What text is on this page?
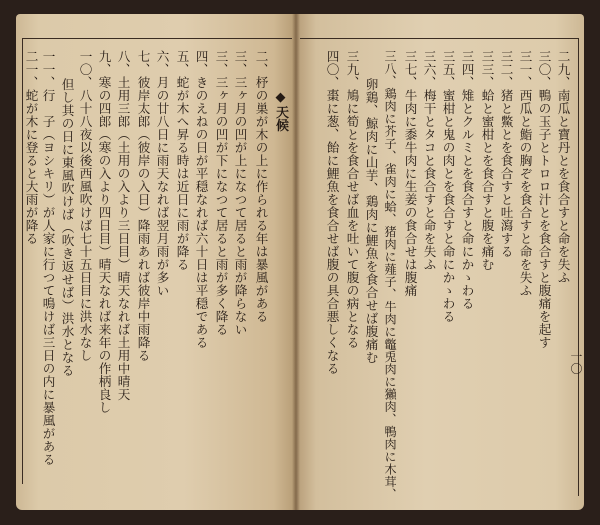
◆天候
二、杼の巣が木の上に作られる年は暴風がある
三、三ヶ月の凹が上になつて居ると雨が降らない
三、三ヶ月の凹が下になつて居ると雨が多く降る
四、きのえねの日が平穏なれば六十日は平穏である
五、蛇が木へ昇る時は近日に雨が降る
六、月の廿八日に雨天なれば翌月雨が多い
七、彼岸太郎（彼岸の入日）降雨あれば彼岸中雨降る
八、土用三郎（土用の入より三日目）晴天なれば土用中晴天
九、寒の四郎（寒の入より四日目）晴天なれば来年の作柄良し
一〇、八十八夜以後西風吹けば七十五日目に洪水なし
但し其の日に東風吹けば（吹き返せば）洪水となる
一一、行　子（ヨシキリ）が人家に行つて鳴けば三日の内に暴風がある
二一、蛇が木に登ると大雨が降る	二九、南瓜と寶丹とを食合すと命を失ふ
三〇、鴨の玉子とトロロ汁とを食合すと腹痛を起す
三一、西瓜と鮨の胸ぞを食合すと命を失ふ
三二、猪と鱉とを食合すと吐瀉する
三三、蛤と蜜柑とを食合すと腹を痛む
三四、雉とクルミとを食合すと命にかゝわる
三五、蜜柑と鬼の肉とを食合すと命にかゝわる
三六、梅干とタコと食合すと命を失ふ
三七、牛肉に黍牛肉に生姜の食合せは腹痛
三八、鶏肉に芥子、雀肉に蛤、猪肉に薤子、牛肉に鼈兎肉に獺肉、鴨肉に木茸、
卵鶏、鯨肉に山芋、鶏肉に鯉魚を食合せば腹痛む
三九、鳩に筍とを食合せば血を吐いて腹の病となる
四〇、棗に葱、飴に鯉魚を食合せば腹の具合悪しくなる	一〇
